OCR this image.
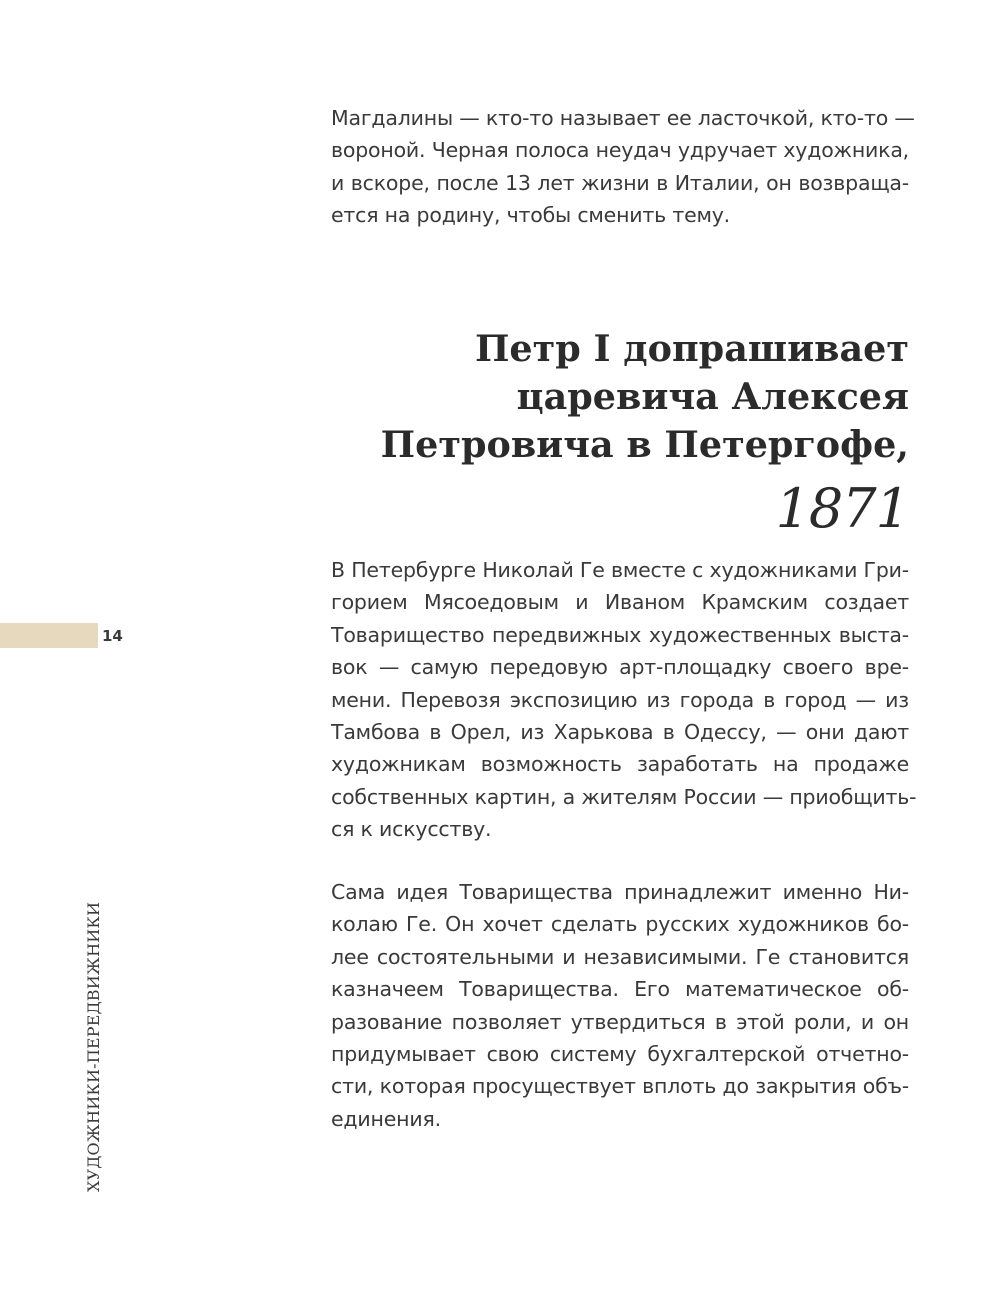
Магдалины — кто-то называет ее ласточкой, кто-то —
вороной. Черная полоса неудач удручает художника,
и вскоре, после 13 лет жизни в Италии, он возвраща-
ется на родину, чтобы сменить тему.
Петр I допрашивает
царевича Алексея
Петровича в Петергофе,
1871
В Петербурге Николай Ге вместе с художниками Гри-
горием Мясоедовым и Иваном Крамским создает
Товарищество передвижных художественных выста-
вок — самую передовую арт-площадку своего вре-
мени. Перевозя экспозицию из города в город — из
Тамбова в Орел, из Харькова в Одессу, — они дают
художникам возможность заработать на продаже
собственных картин, а жителям России — приобщить-
ся к искусству.
Сама идея Товарищества принадлежит именно Ни-
колаю Ге. Он хочет сделать русских художников бо-
лее состоятельными и независимыми. Ге становится
казначеем Товарищества. Его математическое об-
разование позволяет утвердиться в этой роли, и он
придумывает свою систему бухгалтерской отчетно-
сти, которая просуществует вплоть до закрытия объ-
единения.
14
ХУДОЖНИКИ-ПЕРЕДВИЖНИКИ
